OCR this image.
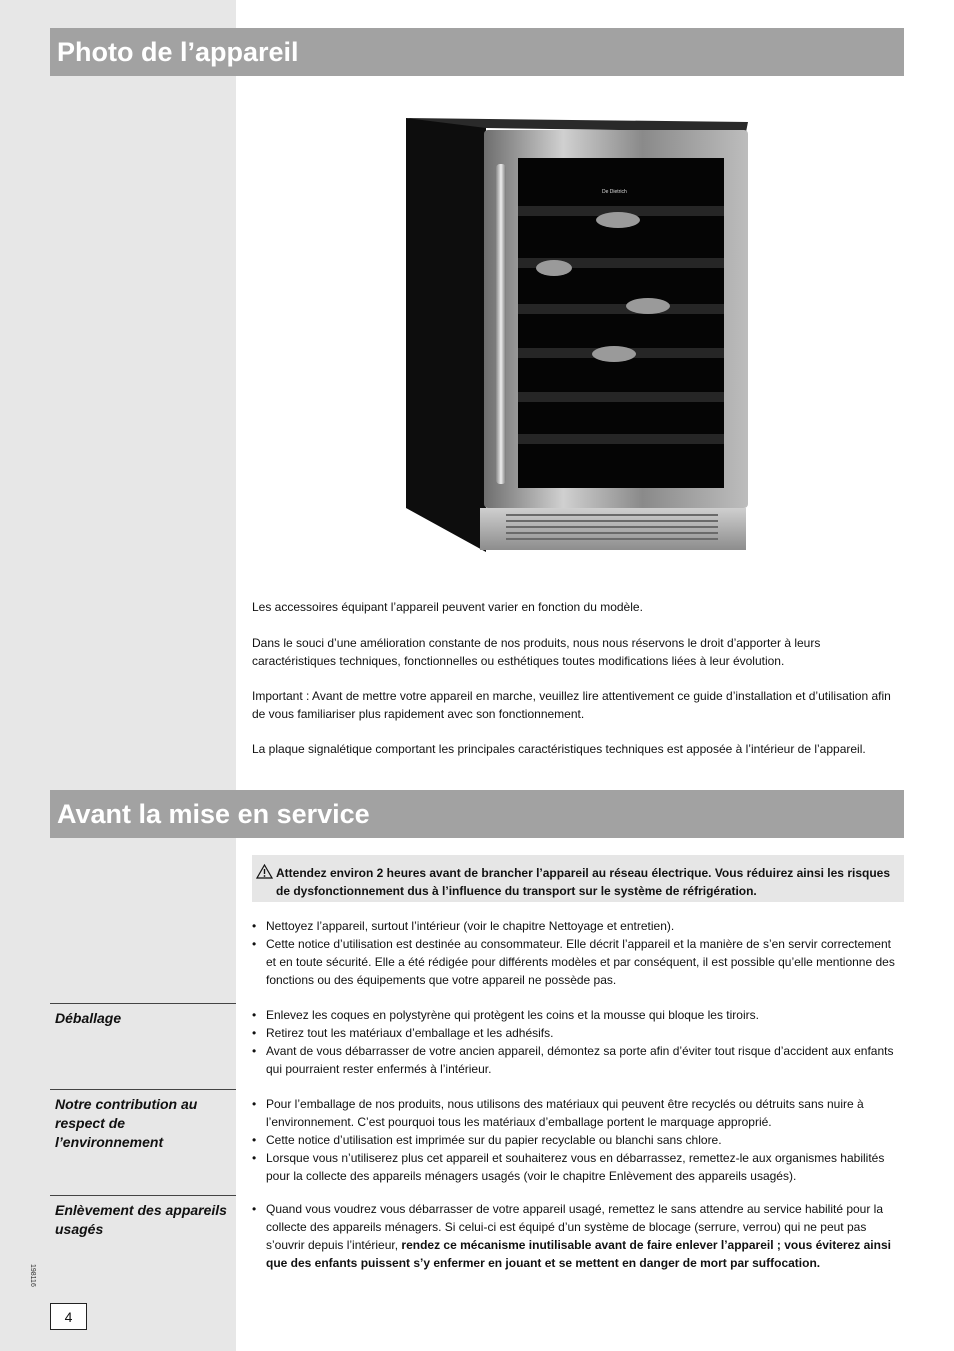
Photo de l’appareil
De Dietrich

Les accessoires équipant l’appareil peuvent varier en fonction du modèle.

Dans le souci d’une amélioration constante de nos produits, nous nous réservons le droit d’apporter à leurs caractéristiques techniques, fonctionnelles ou esthétiques toutes modifications liées à leur évolution.

Important : Avant de mettre votre appareil en marche, veuillez lire attentivement ce guide d’installation et d’utilisation afin de vous familiariser plus rapidement avec son fonctionnement.

La plaque signalétique comportant les principales caractéristiques techniques est apposée à l’intérieur de l’appareil.

Avant la mise en service
Attendez environ 2 heures avant de brancher l’appareil au réseau électrique. Vous réduirez ainsi les risques de dysfonctionnement dus à l’influence du transport sur le système de réfrigération.
• Nettoyez l’appareil, surtout l’intérieur (voir le chapitre Nettoyage et entretien).
• Cette notice d’utilisation est destinée au consommateur. Elle décrit l’appareil et la manière de s’en servir correctement et en toute sécurité. Elle a été rédigée pour différents modèles et par conséquent, il est possible qu’elle mentionne des fonctions ou des équipements que votre appareil ne possède pas.
Déballage
•	Enlevez les coques en polystyrène qui protègent les coins et la mousse qui bloque les tiroirs.
• Retirez tout les matériaux d’emballage et les adhésifs.
• Avant de vous débarrasser de votre ancien appareil, démontez sa porte afin d’éviter tout risque d’accident aux enfants qui pourraient rester enfermés à l’intérieur.
Notre contribution au respect de l’environnement
• Pour l’emballage de nos produits, nous utilisons des matériaux qui peuvent être recyclés ou détruits sans nuire à l’environnement. C’est pourquoi tous les matériaux d’emballage portent le marquage approprié.
• Cette notice d’utilisation est imprimée sur du papier recyclable ou blanchi sans chlore.
• Lorsque vous n’utiliserez plus cet appareil et souhaiterez vous en débarrassez, remettez-le aux organismes habilités pour la collecte des appareils ménagers usagés (voir le chapitre Enlèvement des appareils usagés).
Enlèvement des appareils usagés
• Quand vous voudrez vous débarrasser de votre appareil usagé, remettez le sans attendre au service habilité pour la collecte des appareils ménagers. Si celui-ci est équipé d’un système de blocage (serrure, verrou) qui ne peut pas s’ouvrir depuis l’intérieur, rendez ce mécanisme inutilisable avant de faire enlever l’appareil ; vous éviterez ainsi que des enfants puissent s’y enfermer en jouant et se mettent en danger de mort par suffocation.
198116
4
